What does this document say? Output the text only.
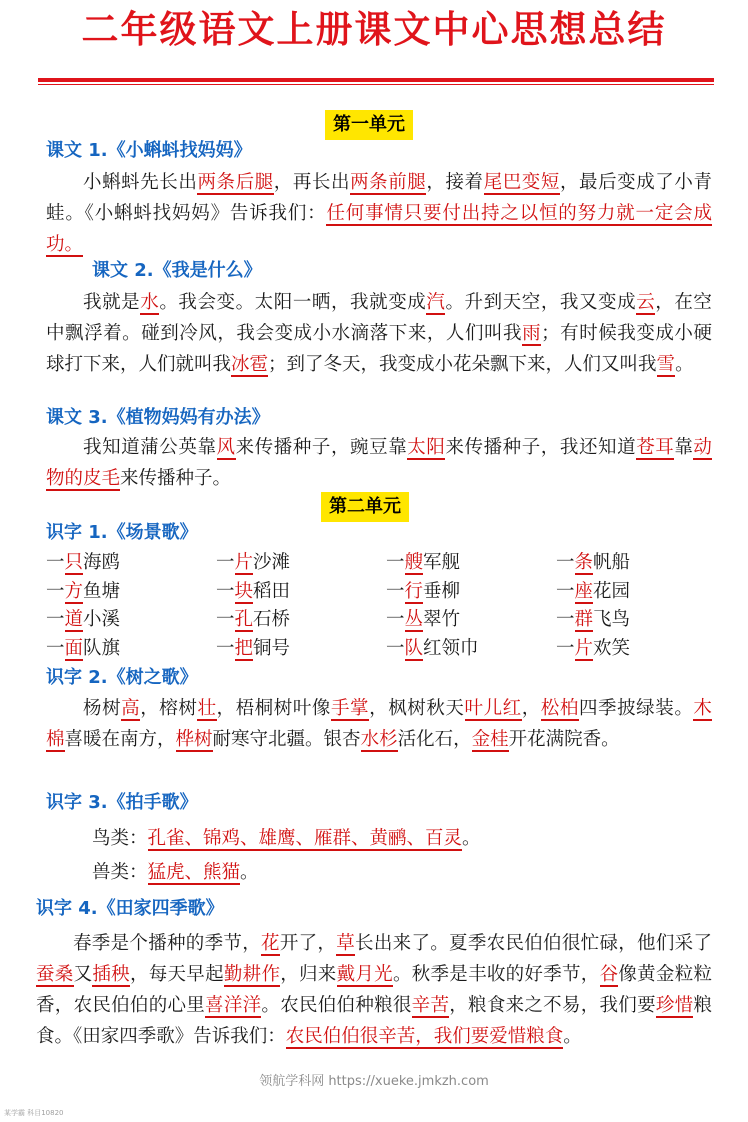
二年级语文上册课文中心思想总结
第一单元
课文 1.《小蝌蚪找妈妈》
小蝌蚪先长出两条后腿，再长出两条前腿，接着尾巴变短，最后变成了小青蛙。《小蝌蚪找妈妈》告诉我们：任何事情只要付出持之以恒的努力就一定会成功。
课文 2.《我是什么》
我就是水。我会变。太阳一晒，我就变成汽。升到天空，我又变成云，在空中飘浮着。碰到冷风，我会变成小水滴落下来，人们叫我雨；有时候我变成小硬球打下来，人们就叫我冰雹；到了冬天，我变成小花朵飘下来，人们又叫我雪。
课文 3.《植物妈妈有办法》
我知道蒲公英靠风来传播种子，豌豆靠太阳来传播种子，我还知道苍耳靠动物的皮毛来传播种子。
第二单元
识字 1.《场景歌》
一只海鸥	一片沙滩	一艘军舰	一条帆船
一方鱼塘	一块稻田	一行垂柳	一座花园
一道小溪	一孔石桥	一丛翠竹	一群飞鸟
一面队旗	一把铜号	一队红领巾	一片欢笑
识字 2.《树之歌》
杨树高，榕树壮，梧桐树叶像手掌，枫树秋天叶儿红，松柏四季披绿装。木棉喜暖在南方，桦树耐寒守北疆。银杏水杉活化石，金桂开花满院香。
识字 3.《拍手歌》
鸟类：孔雀、锦鸡、雄鹰、雁群、黄鹂、百灵。
兽类：猛虎、熊猫。
识字 4.《田家四季歌》
春季是个播种的季节，花开了，草长出来了。夏季农民伯伯很忙碌，他们采了蚕桑又插秧，每天早起勤耕作，归来戴月光。秋季是丰收的好季节，谷像黄金粒粒香，农民伯伯的心里喜洋洋。农民伯伯种粮很辛苦，粮食来之不易，我们要珍惜粮食。《田家四季歌》告诉我们：农民伯伯很辛苦，我们要爱惜粮食。
领航学科网 https://xueke.jmkzh.com
某学霸 科目10820
